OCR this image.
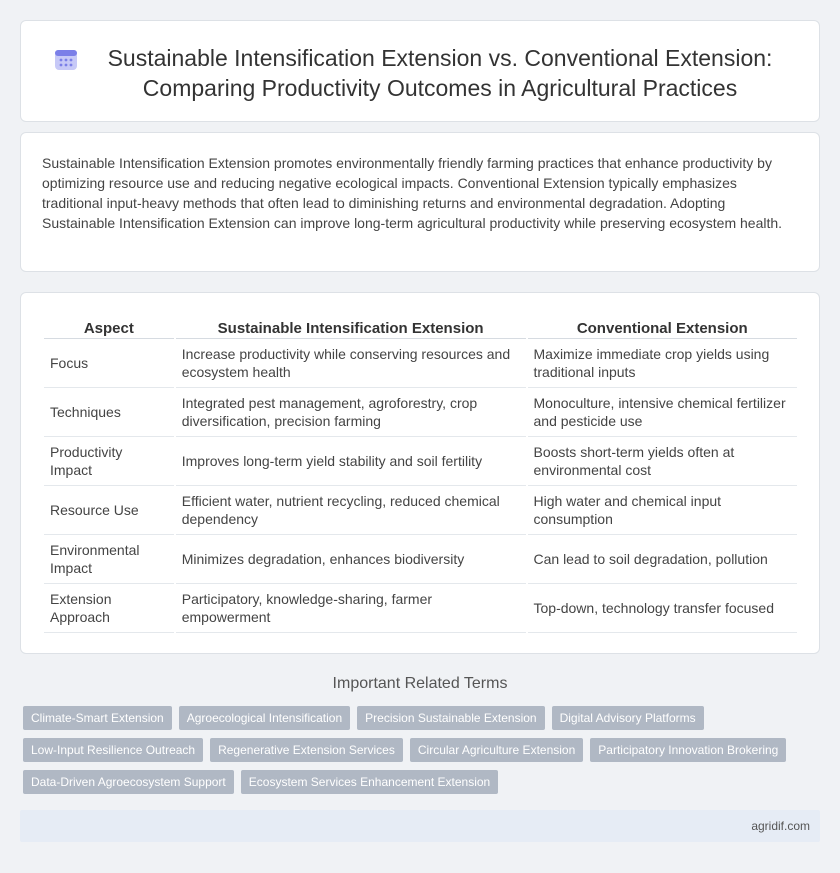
Sustainable Intensification Extension vs. Conventional Extension: Comparing Productivity Outcomes in Agricultural Practices

Sustainable Intensification Extension promotes environmentally friendly farming practices that enhance productivity by optimizing resource use and reducing negative ecological impacts. Conventional Extension typically emphasizes traditional input-heavy methods that often lead to diminishing returns and environmental degradation. Adopting Sustainable Intensification Extension can improve long-term agricultural productivity while preserving ecosystem health.

Aspect	Sustainable Intensification Extension	Conventional Extension
Focus	Increase productivity while conserving resources and ecosystem health	Maximize immediate crop yields using traditional inputs
Techniques	Integrated pest management, agroforestry, crop diversification, precision farming	Monoculture, intensive chemical fertilizer and pesticide use
Productivity Impact	Improves long-term yield stability and soil fertility	Boosts short-term yields often at environmental cost
Resource Use	Efficient water, nutrient recycling, reduced chemical dependency	High water and chemical input consumption
Environmental Impact	Minimizes degradation, enhances biodiversity	Can lead to soil degradation, pollution
Extension Approach	Participatory, knowledge-sharing, farmer empowerment	Top-down, technology transfer focused
Important Related Terms
Climate-Smart Extension	Agroecological Intensification	Precision Sustainable Extension	Digital Advisory Platforms
Low-Input Resilience Outreach	Regenerative Extension Services	Circular Agriculture Extension	Participatory Innovation Brokering
Data-Driven Agroecosystem Support	Ecosystem Services Enhancement Extension
agridif.com
